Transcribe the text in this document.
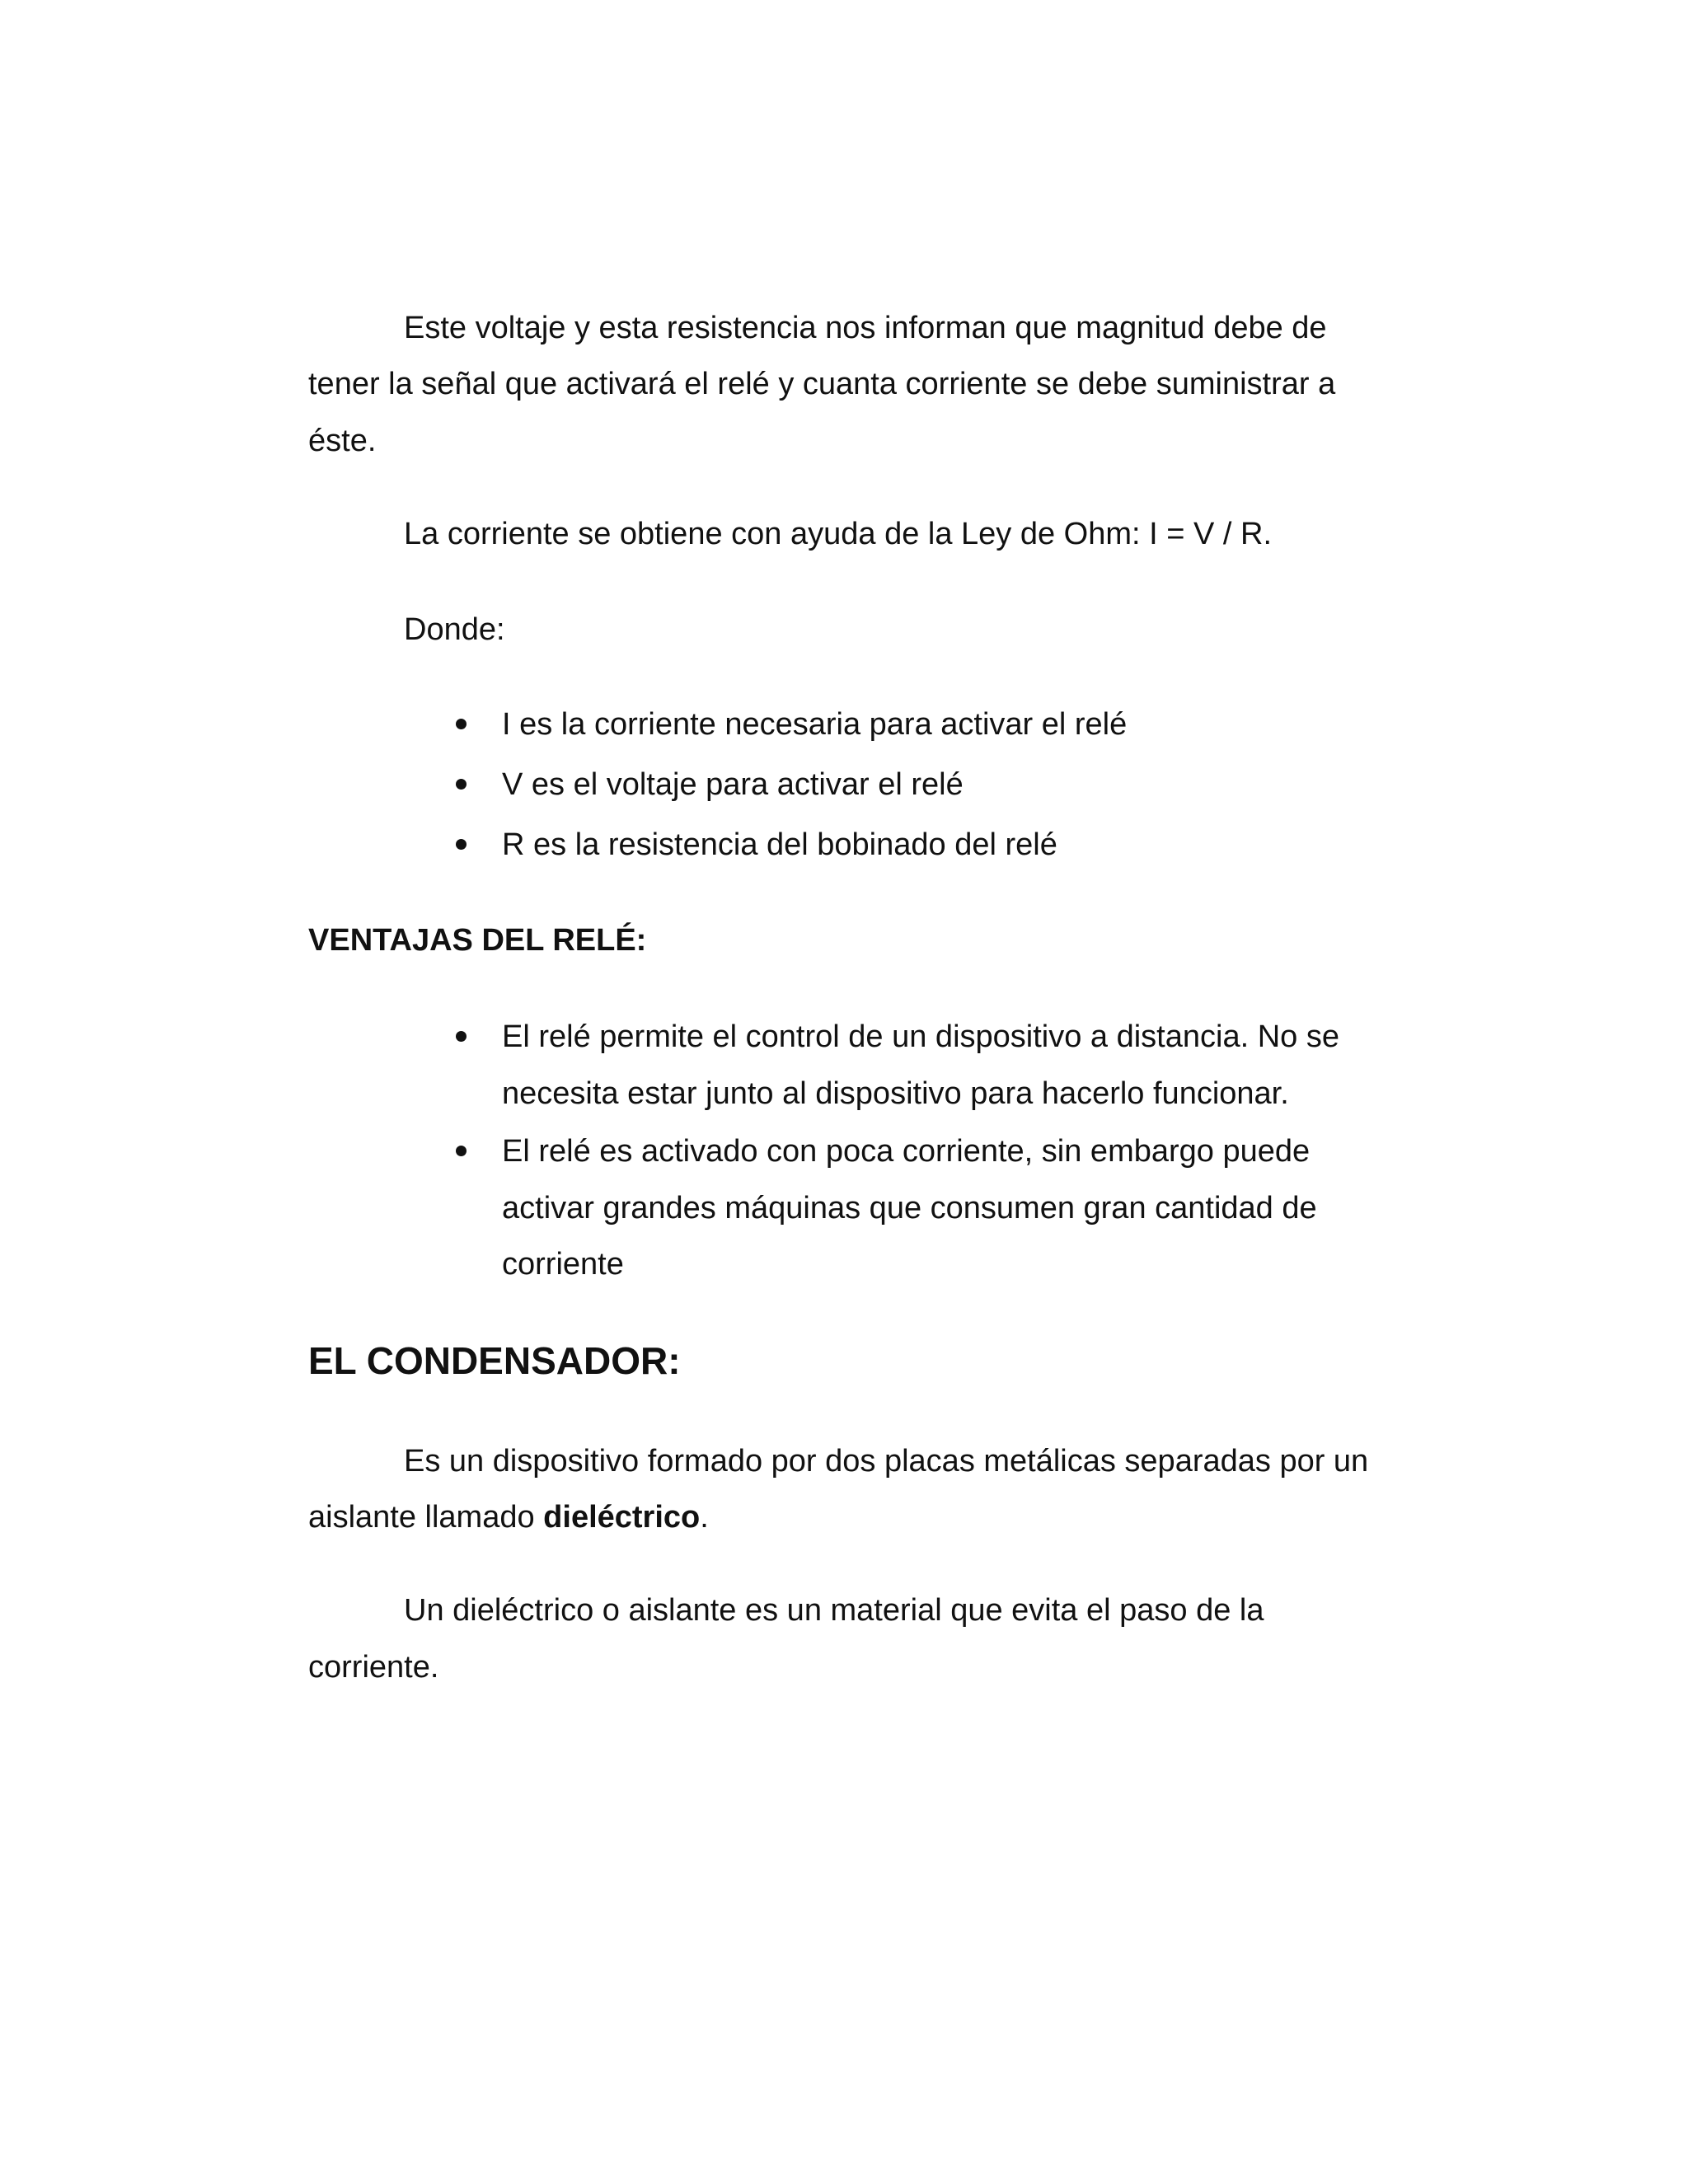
Este voltaje y esta resistencia nos informan que magnitud debe de

tener la señal que activará el relé y cuanta corriente se debe suministrar a

éste.

La corriente se obtiene con ayuda de la Ley de Ohm: I = V / R.

Donde:

I es la corriente necesaria para activar el relé

V es el voltaje para activar el relé

R es la resistencia del bobinado del relé

VENTAJAS DEL RELÉ:

El relé permite el control de un dispositivo a distancia. No se

necesita estar junto al dispositivo para hacerlo funcionar.

El relé es activado con poca corriente, sin embargo puede

activar grandes máquinas que consumen gran cantidad de

corriente

EL CONDENSADOR:

Es un dispositivo formado por dos placas metálicas separadas por un

aislante llamado dieléctrico.

Un dieléctrico o aislante es un material que evita el paso de la

corriente.
